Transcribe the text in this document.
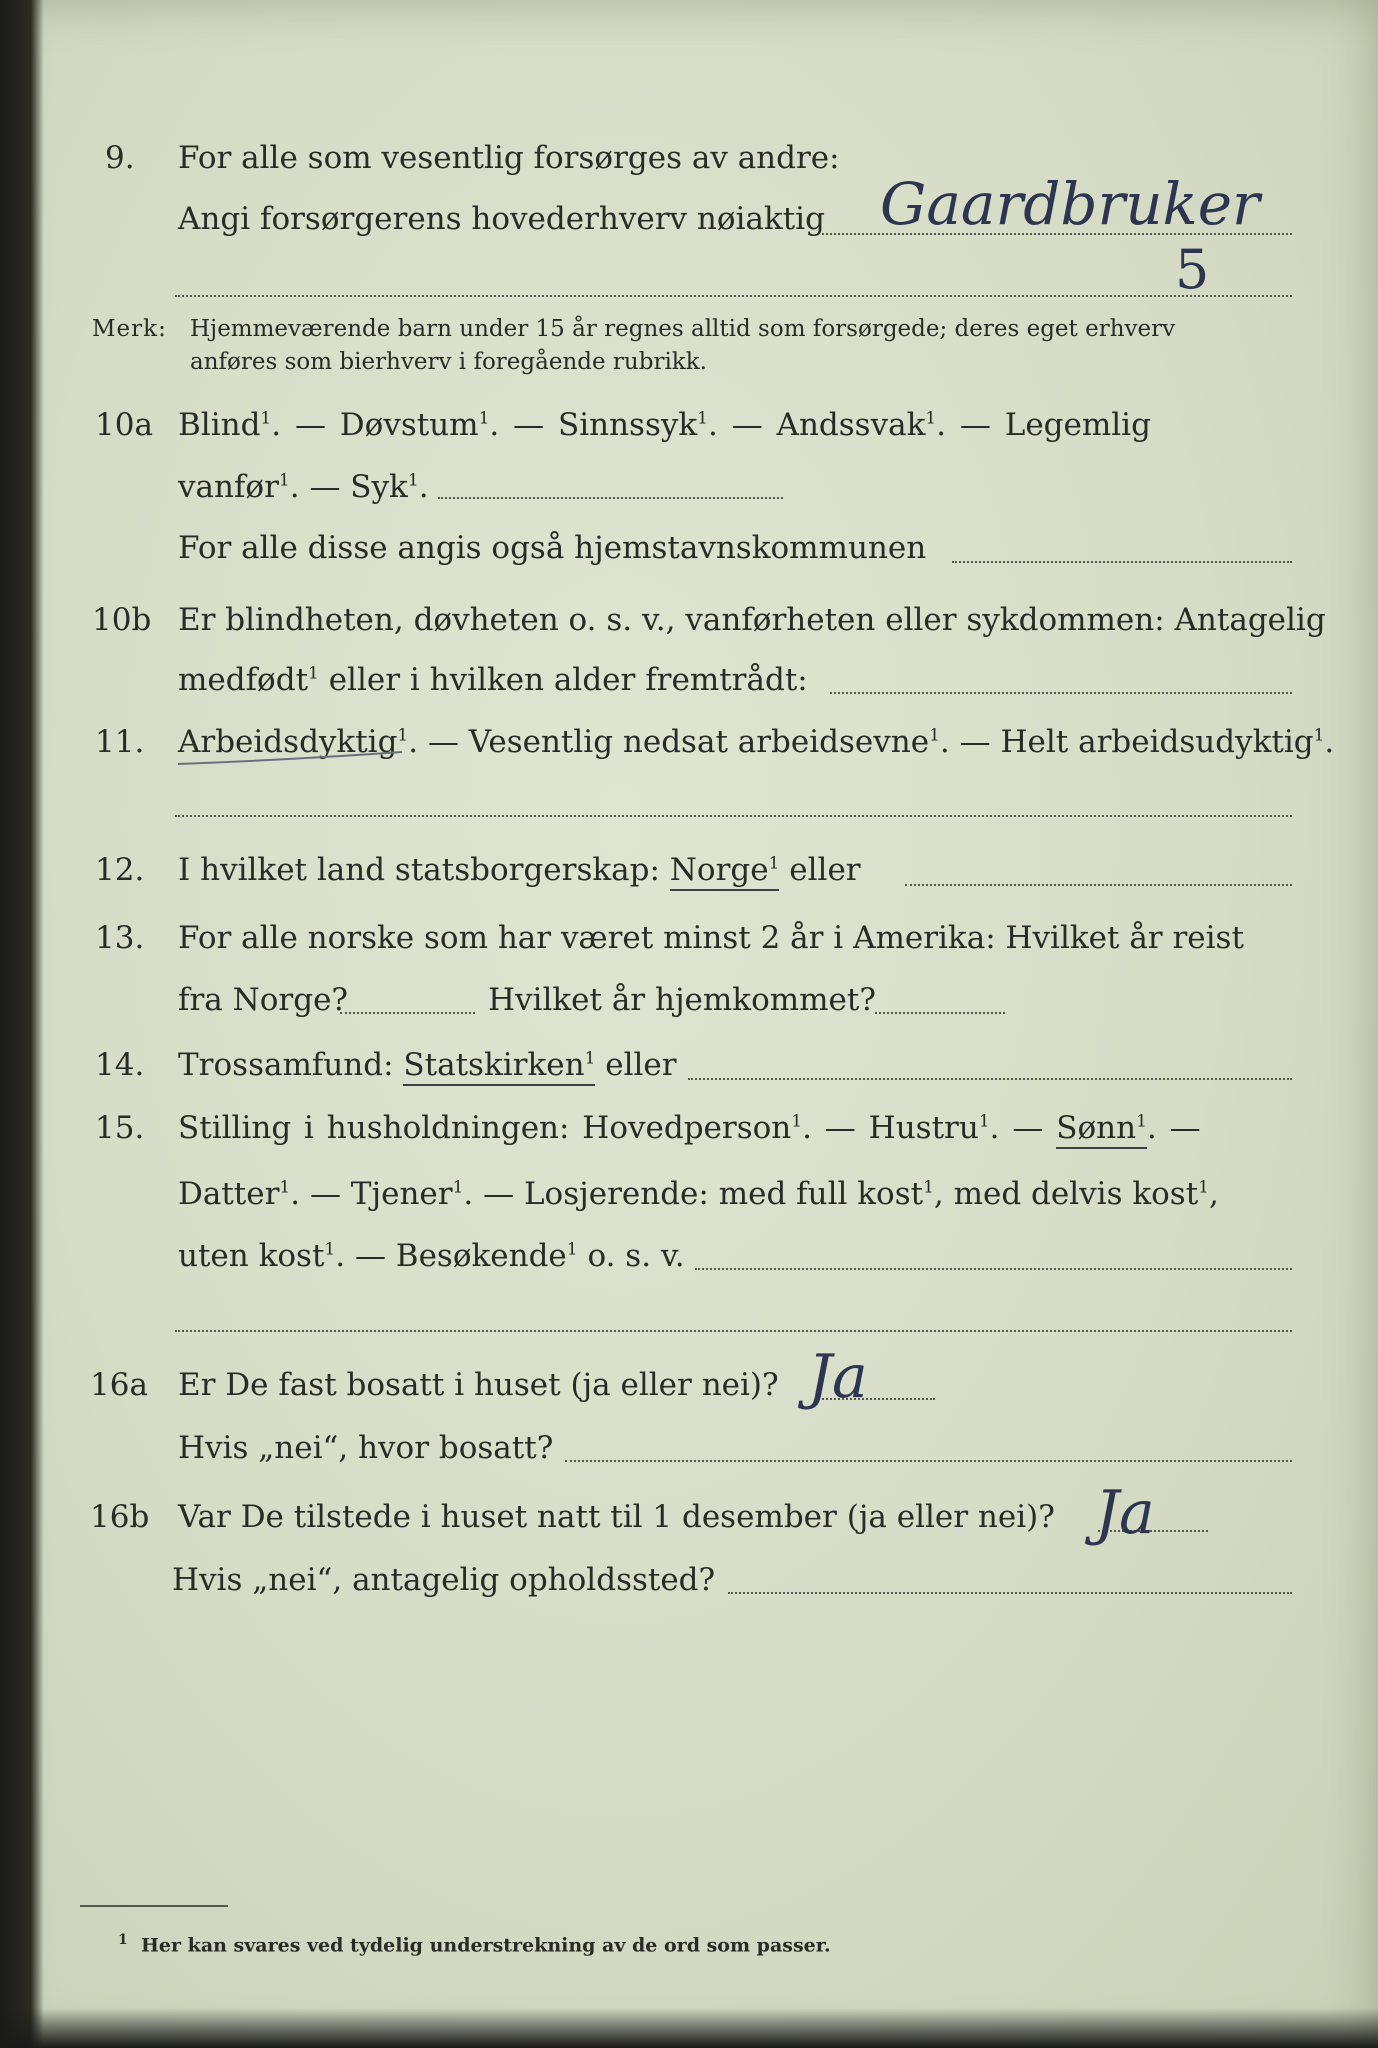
9. For alle som vesentlig forsørges av andre:
Angi forsørgerens hovederhverv nøiaktig Gaardbruker
5
Merk: Hjemmeværende barn under 15 år regnes alltid som forsørgede; deres eget erhverv
anføres som bierhverv i foregående rubrikk.
10a Blind$^1$. — Døvstum$^1$. — Sinnssyk$^1$. — Andssvak$^1$. — Legemlig
vanfør$^1$. — Syk$^1$.
For alle disse angis også hjemstavnskommunen
10b Er blindheten, døvheten o. s. v., vanførheten eller sykdommen: Antagelig
medfødt$^1$ eller i hvilken alder fremtrådt:
11. Arbeidsdyktig$^1$. — Vesentlig nedsat arbeidsevne$^1$. — Helt arbeidsudyktig$^1$.
12. I hvilket land statsborgerskap: Norge$^1$ eller
13. For alle norske som har været minst 2 år i Amerika: Hvilket år reist
fra Norge?	Hvilket år hjemkommet?
14. Trossamfund: Statskirken$^1$ eller
15. Stilling i husholdningen: Hovedperson$^1$. — Hustru$^1$. — Sønn$^1$. —
Datter$^1$. — Tjener$^1$. — Losjerende: med full kost$^1$, med delvis kost$^1$,
uten kost$^1$. — Besøkende$^1$ o. s. v.
16a Er De fast bosatt i huset (ja eller nei)? Ja
Hvis „nei“, hvor bosatt?
16b Var De tilstede i huset natt til 1 desember (ja eller nei)? Ja
Hvis „nei“, antagelig opholdssted?
$^1$ Her kan svares ved tydelig understrekning av de ord som passer.
